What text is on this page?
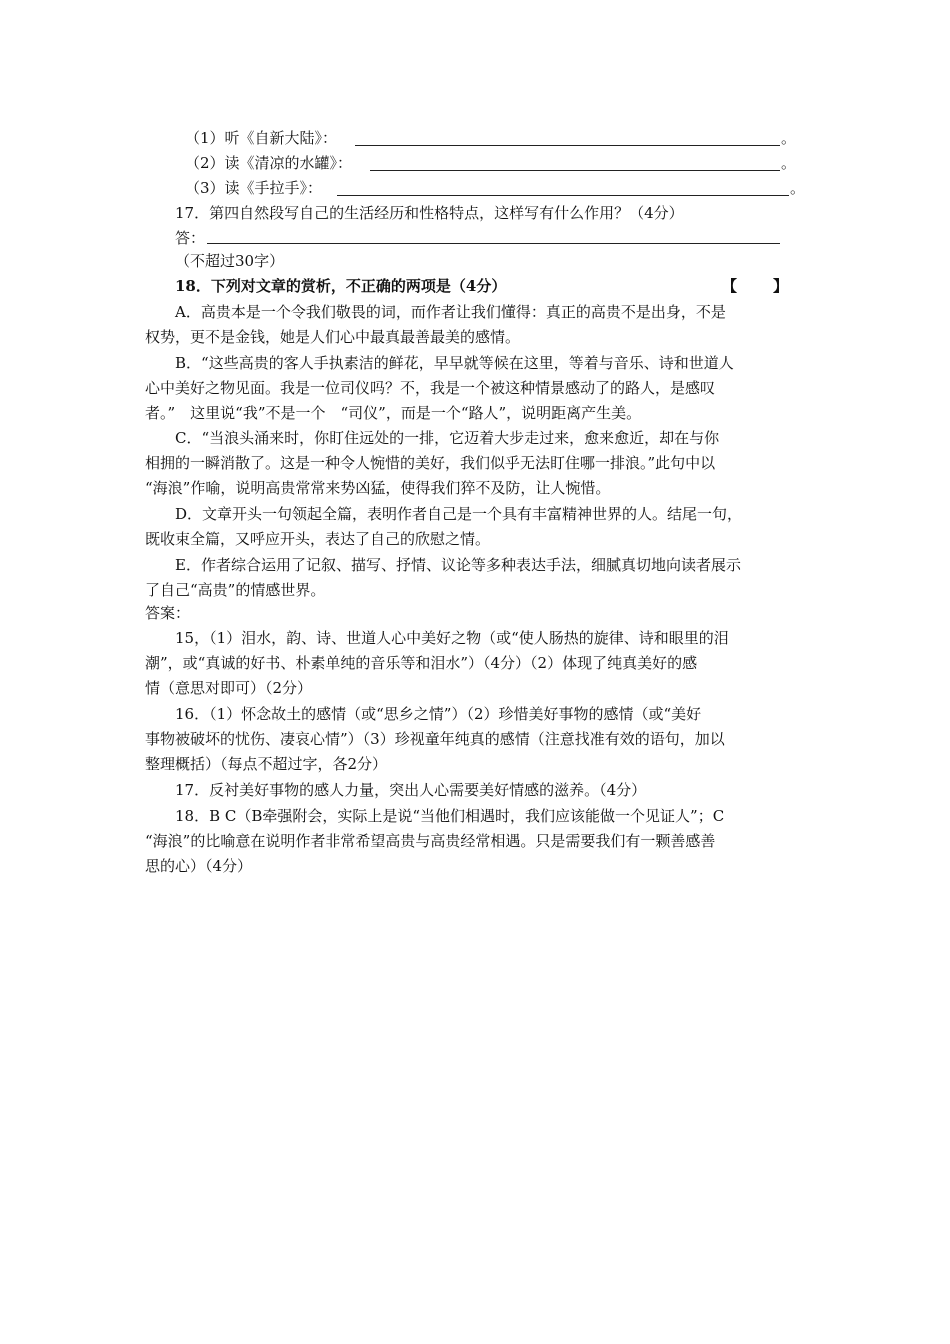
（1）听《自新大陆》：	。
（2）读《清凉的水罐》：	。
（3）读《手拉手》：	。
17．第四自然段写自己的生活经历和性格特点，这样写有什么作用？（4分）
答：
（不超过30字）
18．下列对文章的赏析，不正确的两项是（4分）	【　　】
A．高贵本是一个令我们敬畏的词，而作者让我们懂得：真正的高贵不是出身，不是
权势，更不是金钱，她是人们心中最真最善最美的感情。
B．“这些高贵的客人手执素洁的鲜花，早早就等候在这里，等着与音乐、诗和世道人
心中美好之物见面。我是一位司仪吗？不，我是一个被这种情景感动了的路人，是感叹
者。”　这里说“我”不是一个　“司仪”，而是一个“路人”，说明距离产生美。
C．“当浪头涌来时，你盯住远处的一排，它迈着大步走过来，愈来愈近，却在与你
相拥的一瞬消散了。这是一种令人惋惜的美好，我们似乎无法盯住哪一排浪。”此句中以
“海浪”作喻，说明高贵常常来势凶猛，使得我们猝不及防，让人惋惜。
D．文章开头一句领起全篇，表明作者自己是一个具有丰富精神世界的人。结尾一句，
既收束全篇，又呼应开头，表达了自己的欣慰之情。
E．作者综合运用了记叙、描写、抒情、议论等多种表达手法，细腻真切地向读者展示
了自己“高贵”的情感世界。
答案：
15，（1）泪水，韵、诗、世道人心中美好之物（或“使人肠热的旋律、诗和眼里的泪
潮”，或“真诚的好书、朴素单纯的音乐等和泪水”）（4分）（2）体现了纯真美好的感
情（意思对即可）（2分）
16．（1）怀念故土的感情（或“思乡之情”）（2）珍惜美好事物的感情（或“美好
事物被破坏的忧伤、凄哀心情”）（3）珍视童年纯真的感情（注意找准有效的语句，加以
整理概括）（每点不超过字，各2分）
17．反衬美好事物的感人力量，突出人心需要美好情感的滋养。（4分）
18．B C（B牵强附会，实际上是说“当他们相遇时，我们应该能做一个见证人”；C
“海浪”的比喻意在说明作者非常希望高贵与高贵经常相遇。只是需要我们有一颗善感善
思的心）（4分）
